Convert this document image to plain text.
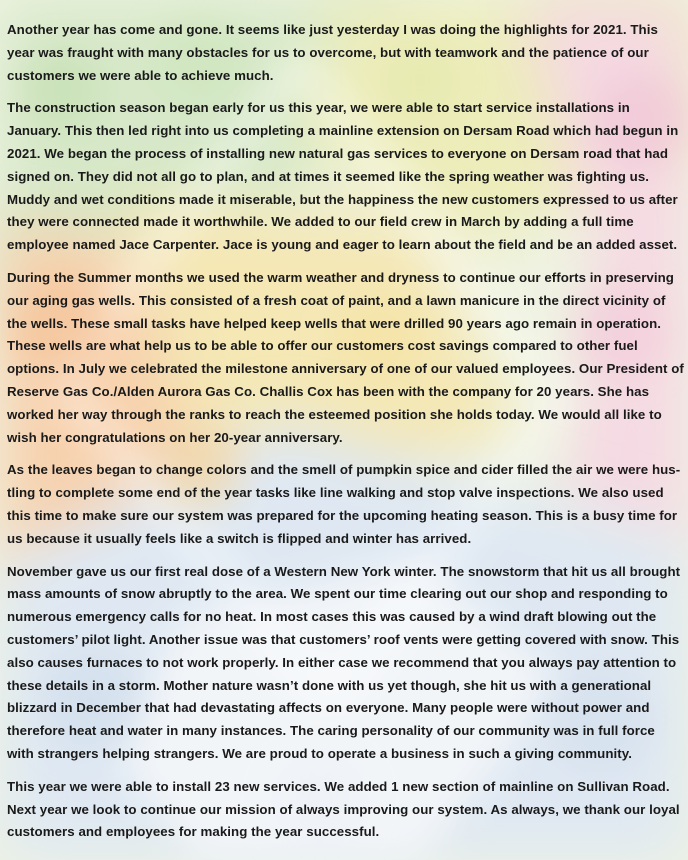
Another year has come and gone. It seems like just yesterday I was doing the highlights for 2021. This year was fraught with many obstacles for us to overcome, but with teamwork and the patience of our customers we were able to achieve much.

The construction season began early for us this year, we were able to start service installations in January. This then led right into us completing a mainline extension on Dersam Road which had begun in 2021. We began the process of installing new natural gas services to everyone on Dersam road that had signed on. They did not all go to plan, and at times it seemed like the spring weather was fighting us. Muddy and wet conditions made it miserable, but the happiness the new customers expressed to us after they were connected made it worthwhile. We added to our field crew in March by adding a full time employee named Jace Carpenter. Jace is young and eager to learn about the field and be an added asset.

During the Summer months we used the warm weather and dryness to continue our efforts in preserving our aging gas wells. This consisted of a fresh coat of paint, and a lawn manicure in the direct vicinity of the wells. These small tasks have helped keep wells that were drilled 90 years ago remain in operation. These wells are what help us to be able to offer our customers cost savings compared to other fuel options. In July we celebrated the milestone anniversary of one of our valued employees. Our President of Reserve Gas Co./Alden Aurora Gas Co. Challis Cox has been with the company for 20 years. She has worked her way through the ranks to reach the esteemed position she holds today. We would all like to wish her congratulations on her 20-year anniversary.

As the leaves began to change colors and the smell of pumpkin spice and cider filled the air we were hus-tling to complete some end of the year tasks like line walking and stop valve inspections. We also used this time to make sure our system was prepared for the upcoming heating season. This is a busy time for us because it usually feels like a switch is flipped and winter has arrived.

November gave us our first real dose of a Western New York winter. The snowstorm that hit us all brought mass amounts of snow abruptly to the area. We spent our time clearing out our shop and responding to numerous emergency calls for no heat. In most cases this was caused by a wind draft blowing out the customers’ pilot light. Another issue was that customers’ roof vents were getting covered with snow. This also causes furnaces to not work properly. In either case we recommend that you always pay attention to these details in a storm. Mother nature wasn’t done with us yet though, she hit us with a generational blizzard in December that had devastating affects on everyone. Many people were without power and therefore heat and water in many instances. The caring personality of our community was in full force with strangers helping strangers. We are proud to operate a business in such a giving community.

This year we were able to install 23 new services. We added 1 new section of mainline on Sullivan Road. Next year we look to continue our mission of always improving our system. As always, we thank our loyal customers and employees for making the year successful.
